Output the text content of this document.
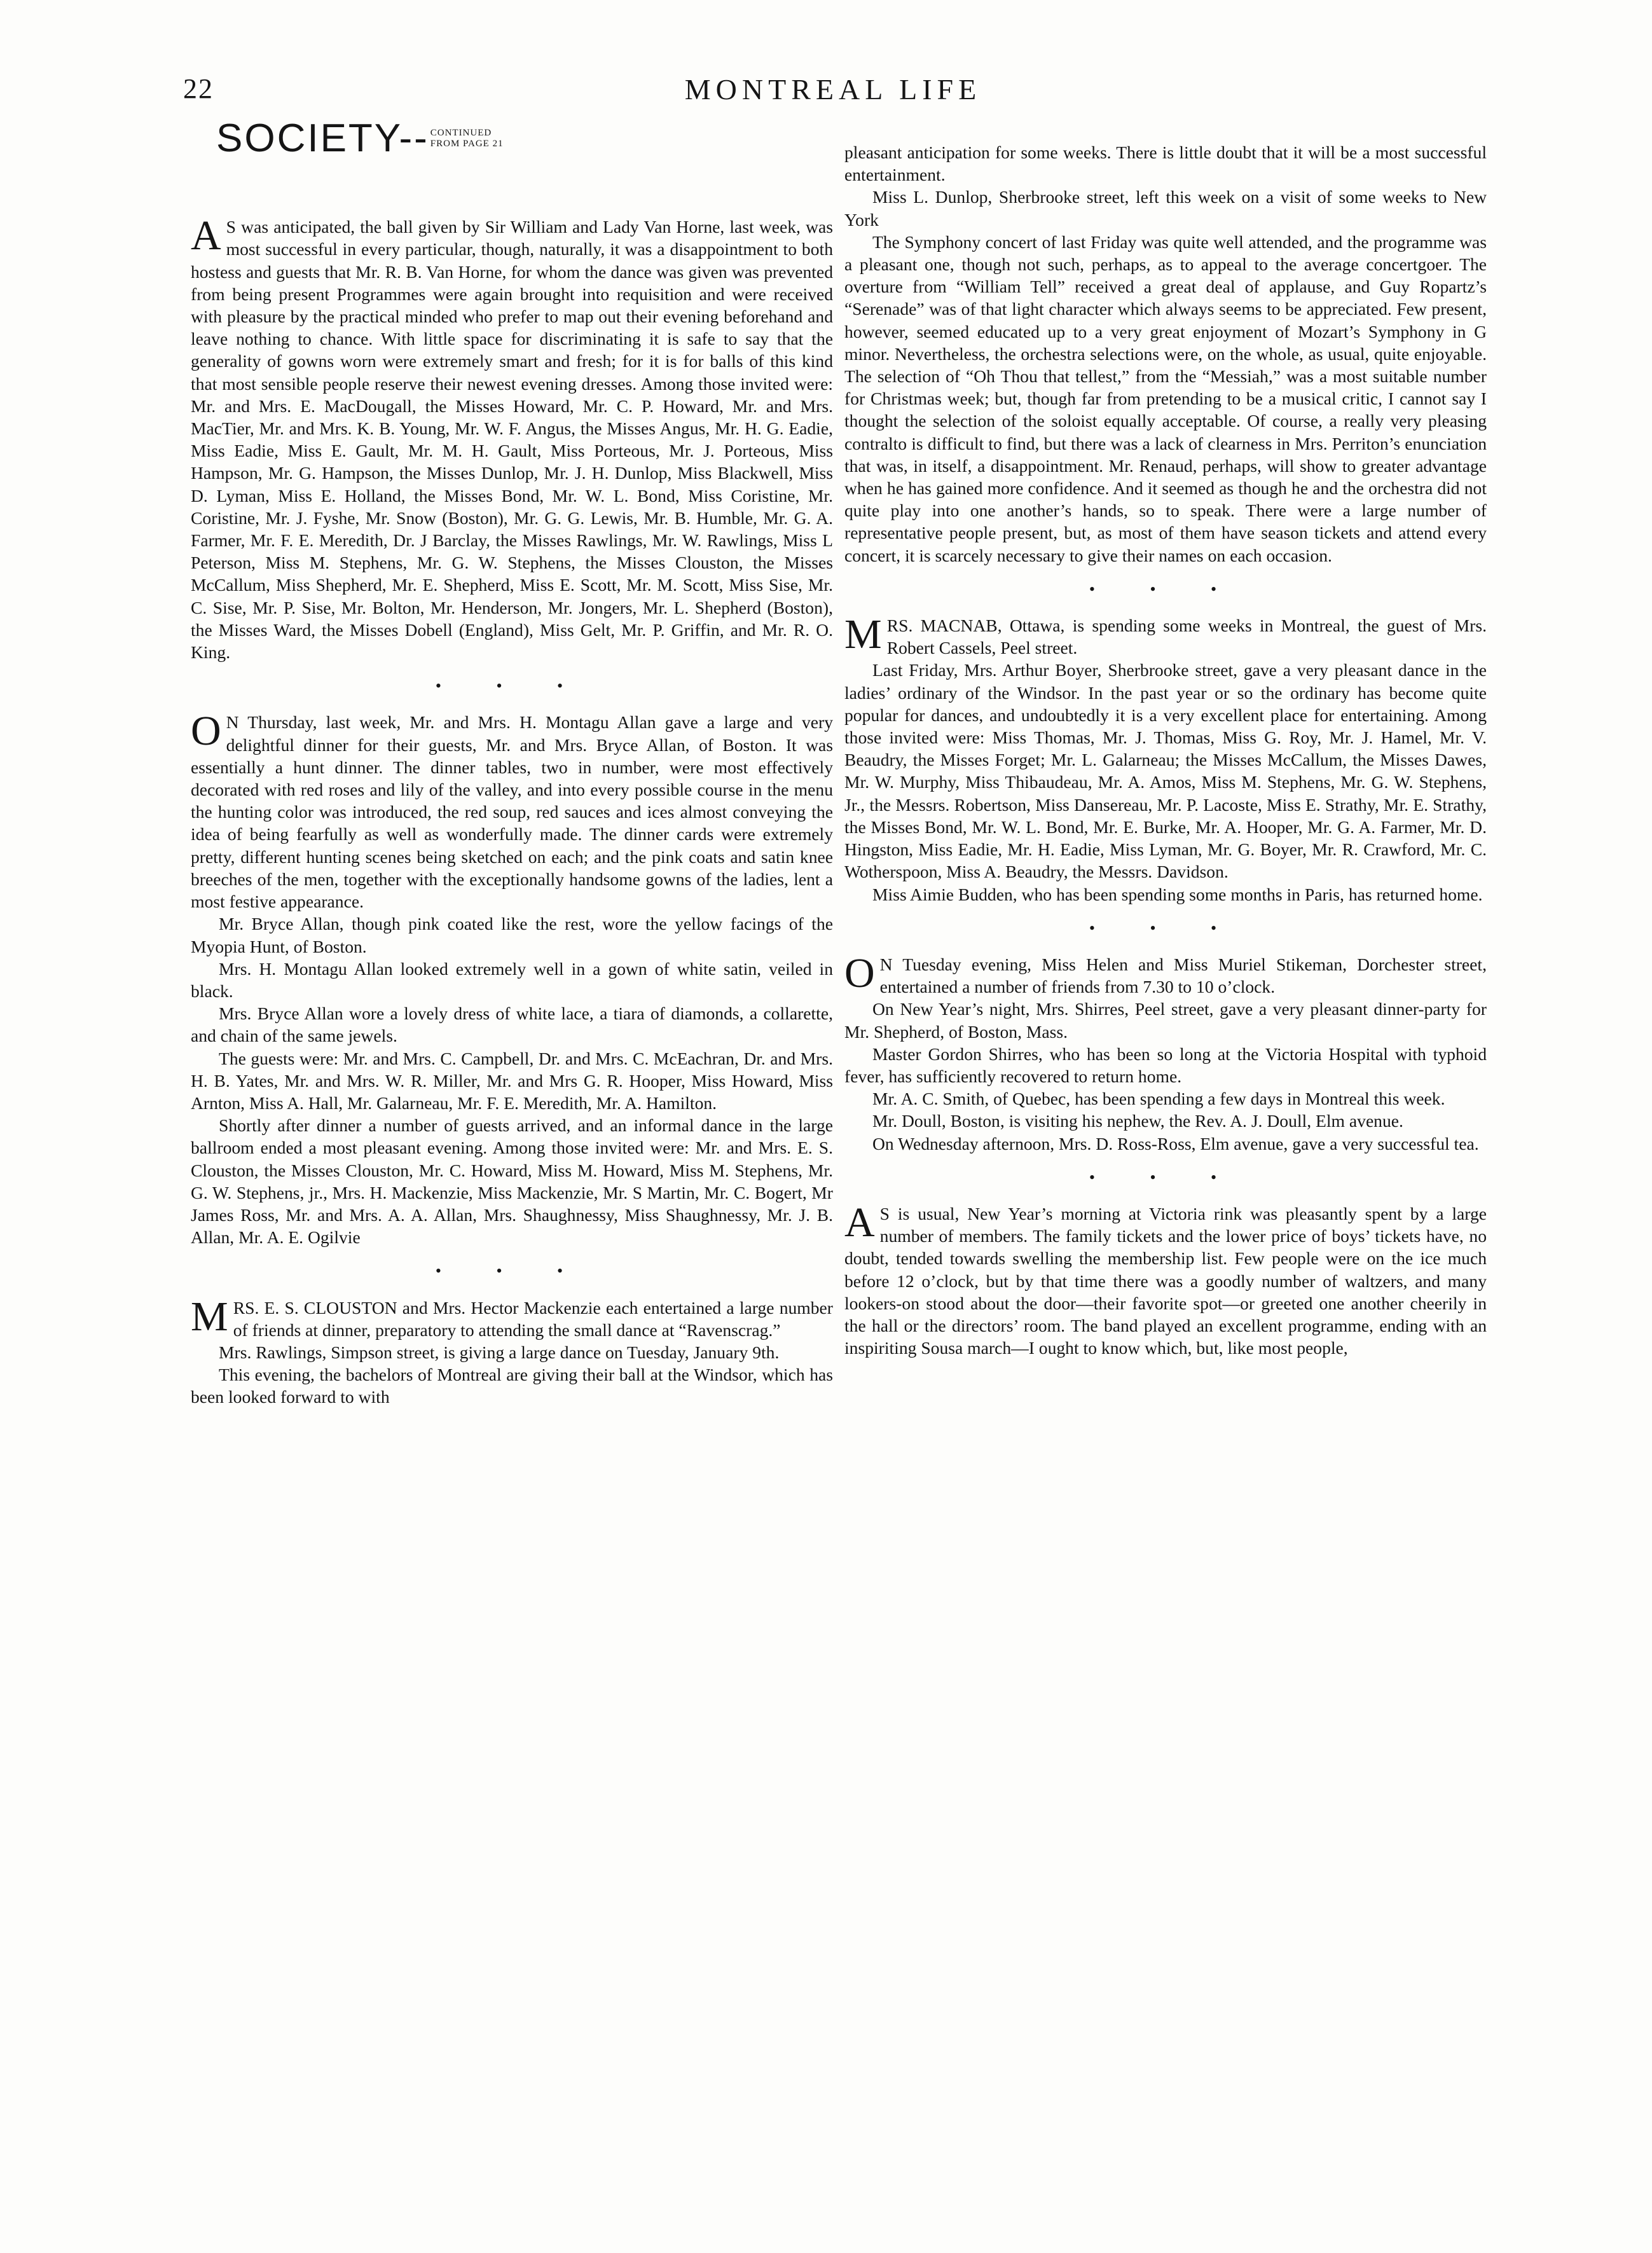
22	MONTREAL LIFE
SOCIETY-- CONTINUED
FROM PAGE 21

A S was anticipated, the ball given by Sir William and Lady Van Horne, last week, was most successful in every particular, though, naturally, it was a disappointment to both hostess and guests that Mr. R. B. Van Horne, for whom the dance was given was prevented from being present Programmes were again brought into requisition and were received with pleasure by the practical minded who prefer to map out their evening beforehand and leave nothing to chance. With little space for discriminating it is safe to say that the generality of gowns worn were extremely smart and fresh; for it is for balls of this kind that most sensible people reserve their newest evening dresses. Among those invited were: Mr. and Mrs. E. MacDougall, the Misses Howard, Mr. C. P. Howard, Mr. and Mrs. MacTier, Mr. and Mrs. K. B. Young, Mr. W. F. Angus, the Misses Angus, Mr. H. G. Eadie, Miss Eadie, Miss E. Gault, Mr. M. H. Gault, Miss Porteous, Mr. J. Porteous, Miss Hampson, Mr. G. Hampson, the Misses Dunlop, Mr. J. H. Dunlop, Miss Blackwell, Miss D. Lyman, Miss E. Holland, the Misses Bond, Mr. W. L. Bond, Miss Coristine, Mr. Coristine, Mr. J. Fyshe, Mr. Snow (Boston), Mr. G. G. Lewis, Mr. B. Humble, Mr. G. A. Farmer, Mr. F. E. Meredith, Dr. J Barclay, the Misses Rawlings, Mr. W. Rawlings, Miss L Peterson, Miss M. Stephens, Mr. G. W. Stephens, the Misses Clouston, the Misses McCallum, Miss Shepherd, Mr. E. Shepherd, Miss E. Scott, Mr. M. Scott, Miss Sise, Mr. C. Sise, Mr. P. Sise, Mr. Bolton, Mr. Henderson, Mr. Jongers, Mr. L. Shepherd (Boston), the Misses Ward, the Misses Dobell (England), Miss Gelt, Mr. P. Griffin, and Mr. R. O. King.

• • •

O N Thursday, last week, Mr. and Mrs. H. Montagu Allan gave a large and very delightful dinner for their guests, Mr. and Mrs. Bryce Allan, of Boston. It was essentially a hunt dinner. The dinner tables, two in number, were most effectively decorated with red roses and lily of the valley, and into every possible course in the menu the hunting color was introduced, the red soup, red sauces and ices almost conveying the idea of being fearfully as well as wonderfully made. The dinner cards were extremely pretty, different hunting scenes being sketched on each; and the pink coats and satin knee breeches of the men, together with the exceptionally handsome gowns of the ladies, lent a most festive appearance.

Mr. Bryce Allan, though pink coated like the rest, wore the yellow facings of the Myopia Hunt, of Boston.

Mrs. H. Montagu Allan looked extremely well in a gown of white satin, veiled in black.

Mrs. Bryce Allan wore a lovely dress of white lace, a tiara of diamonds, a collarette, and chain of the same jewels.

The guests were: Mr. and Mrs. C. Campbell, Dr. and Mrs. C. McEachran, Dr. and Mrs. H. B. Yates, Mr. and Mrs. W. R. Miller, Mr. and Mrs G. R. Hooper, Miss Howard, Miss Arnton, Miss A. Hall, Mr. Galarneau, Mr. F. E. Meredith, Mr. A. Hamilton.

Shortly after dinner a number of guests arrived, and an informal dance in the large ballroom ended a most pleasant evening. Among those invited were: Mr. and Mrs. E. S. Clouston, the Misses Clouston, Mr. C. Howard, Miss M. Howard, Miss M. Stephens, Mr. G. W. Stephens, jr., Mrs. H. Mackenzie, Miss Mackenzie, Mr. S Martin, Mr. C. Bogert, Mr James Ross, Mr. and Mrs. A. A. Allan, Mrs. Shaughnessy, Miss Shaughnessy, Mr. J. B. Allan, Mr. A. E. Ogilvie

• • •

MRS. E. S. CLOUSTON and Mrs. Hector Mackenzie each entertained a large number of friends at dinner, preparatory to attending the small dance at “Ravenscrag.”

Mrs. Rawlings, Simpson street, is giving a large dance on Tuesday, January 9th.

This evening, the bachelors of Montreal are giving their ball at the Windsor, which has been looked forward to with

pleasant anticipation for some weeks. There is little doubt that it will be a most successful entertainment.

Miss L. Dunlop, Sherbrooke street, left this week on a visit of some weeks to New York

The Symphony concert of last Friday was quite well attended, and the programme was a pleasant one, though not such, perhaps, as to appeal to the average concertgoer. The overture from “William Tell” received a great deal of applause, and Guy Ropartz’s “Serenade” was of that light character which always seems to be appreciated. Few present, however, seemed educated up to a very great enjoyment of Mozart’s Symphony in G minor. Nevertheless, the orchestra selections were, on the whole, as usual, quite enjoyable. The selection of “Oh Thou that tellest,” from the “Messiah,” was a most suitable number for Christmas week; but, though far from pretending to be a musical critic, I cannot say I thought the selection of the soloist equally acceptable. Of course, a really very pleasing contralto is difficult to find, but there was a lack of clearness in Mrs. Perriton’s enunciation that was, in itself, a disappointment. Mr. Renaud, perhaps, will show to greater advantage when he has gained more confidence. And it seemed as though he and the orchestra did not quite play into one another’s hands, so to speak. There were a large number of representative people present, but, as most of them have season tickets and attend every concert, it is scarcely necessary to give their names on each occasion.

• • •

MRS. MACNAB, Ottawa, is spending some weeks in Montreal, the guest of Mrs. Robert Cassels, Peel street.

Last Friday, Mrs. Arthur Boyer, Sherbrooke street, gave a very pleasant dance in the ladies’ ordinary of the Windsor. In the past year or so the ordinary has become quite popular for dances, and undoubtedly it is a very excellent place for entertaining. Among those invited were: Miss Thomas, Mr. J. Thomas, Miss G. Roy, Mr. J. Hamel, Mr. V. Beaudry, the Misses Forget; Mr. L. Galarneau; the Misses McCallum, the Misses Dawes, Mr. W. Murphy, Miss Thibaudeau, Mr. A. Amos, Miss M. Stephens, Mr. G. W. Stephens, Jr., the Messrs. Robertson, Miss Dansereau, Mr. P. Lacoste, Miss E. Strathy, Mr. E. Strathy, the Misses Bond, Mr. W. L. Bond, Mr. E. Burke, Mr. A. Hooper, Mr. G. A. Farmer, Mr. D. Hingston, Miss Eadie, Mr. H. Eadie, Miss Lyman, Mr. G. Boyer, Mr. R. Crawford, Mr. C. Wotherspoon, Miss A. Beaudry, the Messrs. Davidson.

Miss Aimie Budden, who has been spending some months in Paris, has returned home.

• • •

O N Tuesday evening, Miss Helen and Miss Muriel Stikeman, Dorchester street, entertained a number of friends from 7.30 to 10 o’clock.

On New Year’s night, Mrs. Shirres, Peel street, gave a very pleasant dinner-party for Mr. Shepherd, of Boston, Mass.

Master Gordon Shirres, who has been so long at the Victoria Hospital with typhoid fever, has sufficiently recovered to return home.

Mr. A. C. Smith, of Quebec, has been spending a few days in Montreal this week.

Mr. Doull, Boston, is visiting his nephew, the Rev. A. J. Doull, Elm avenue.

On Wednesday afternoon, Mrs. D. Ross-Ross, Elm avenue, gave a very successful tea.

• • •

A S is usual, New Year’s morning at Victoria rink was pleasantly spent by a large number of members. The family tickets and the lower price of boys’ tickets have, no doubt, tended towards swelling the membership list. Few people were on the ice much before 12 o’clock, but by that time there was a goodly number of waltzers, and many lookers-on stood about the door—their favorite spot—or greeted one another cheerily in the hall or the directors’ room. The band played an excellent programme, ending with an inspiriting Sousa march—I ought to know which, but, like most people,
